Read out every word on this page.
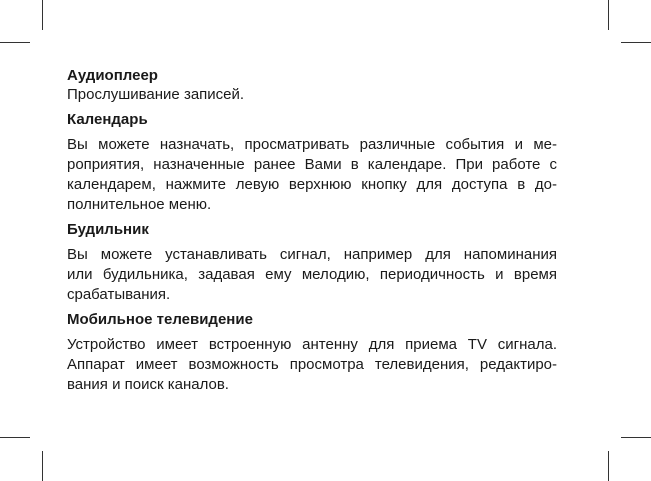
Аудиоплеер

Прослушивание записей.

Календарь

Вы можете назначать, просматривать различные события и ме-

роприятия, назначенные ранее Вами в календаре. При работе с

календарем, нажмите левую верхнюю кнопку для доступа в до-

полнительное меню.

Будильник

Вы можете устанавливать сигнал, например для напоминания

или будильника, задавая ему мелодию, периодичность и время

срабатывания.

Мобильное телевидение

Устройство имеет встроенную антенну для приема TV сигнала.

Аппарат имеет возможность просмотра телевидения, редактиро-

вания и поиск каналов.
